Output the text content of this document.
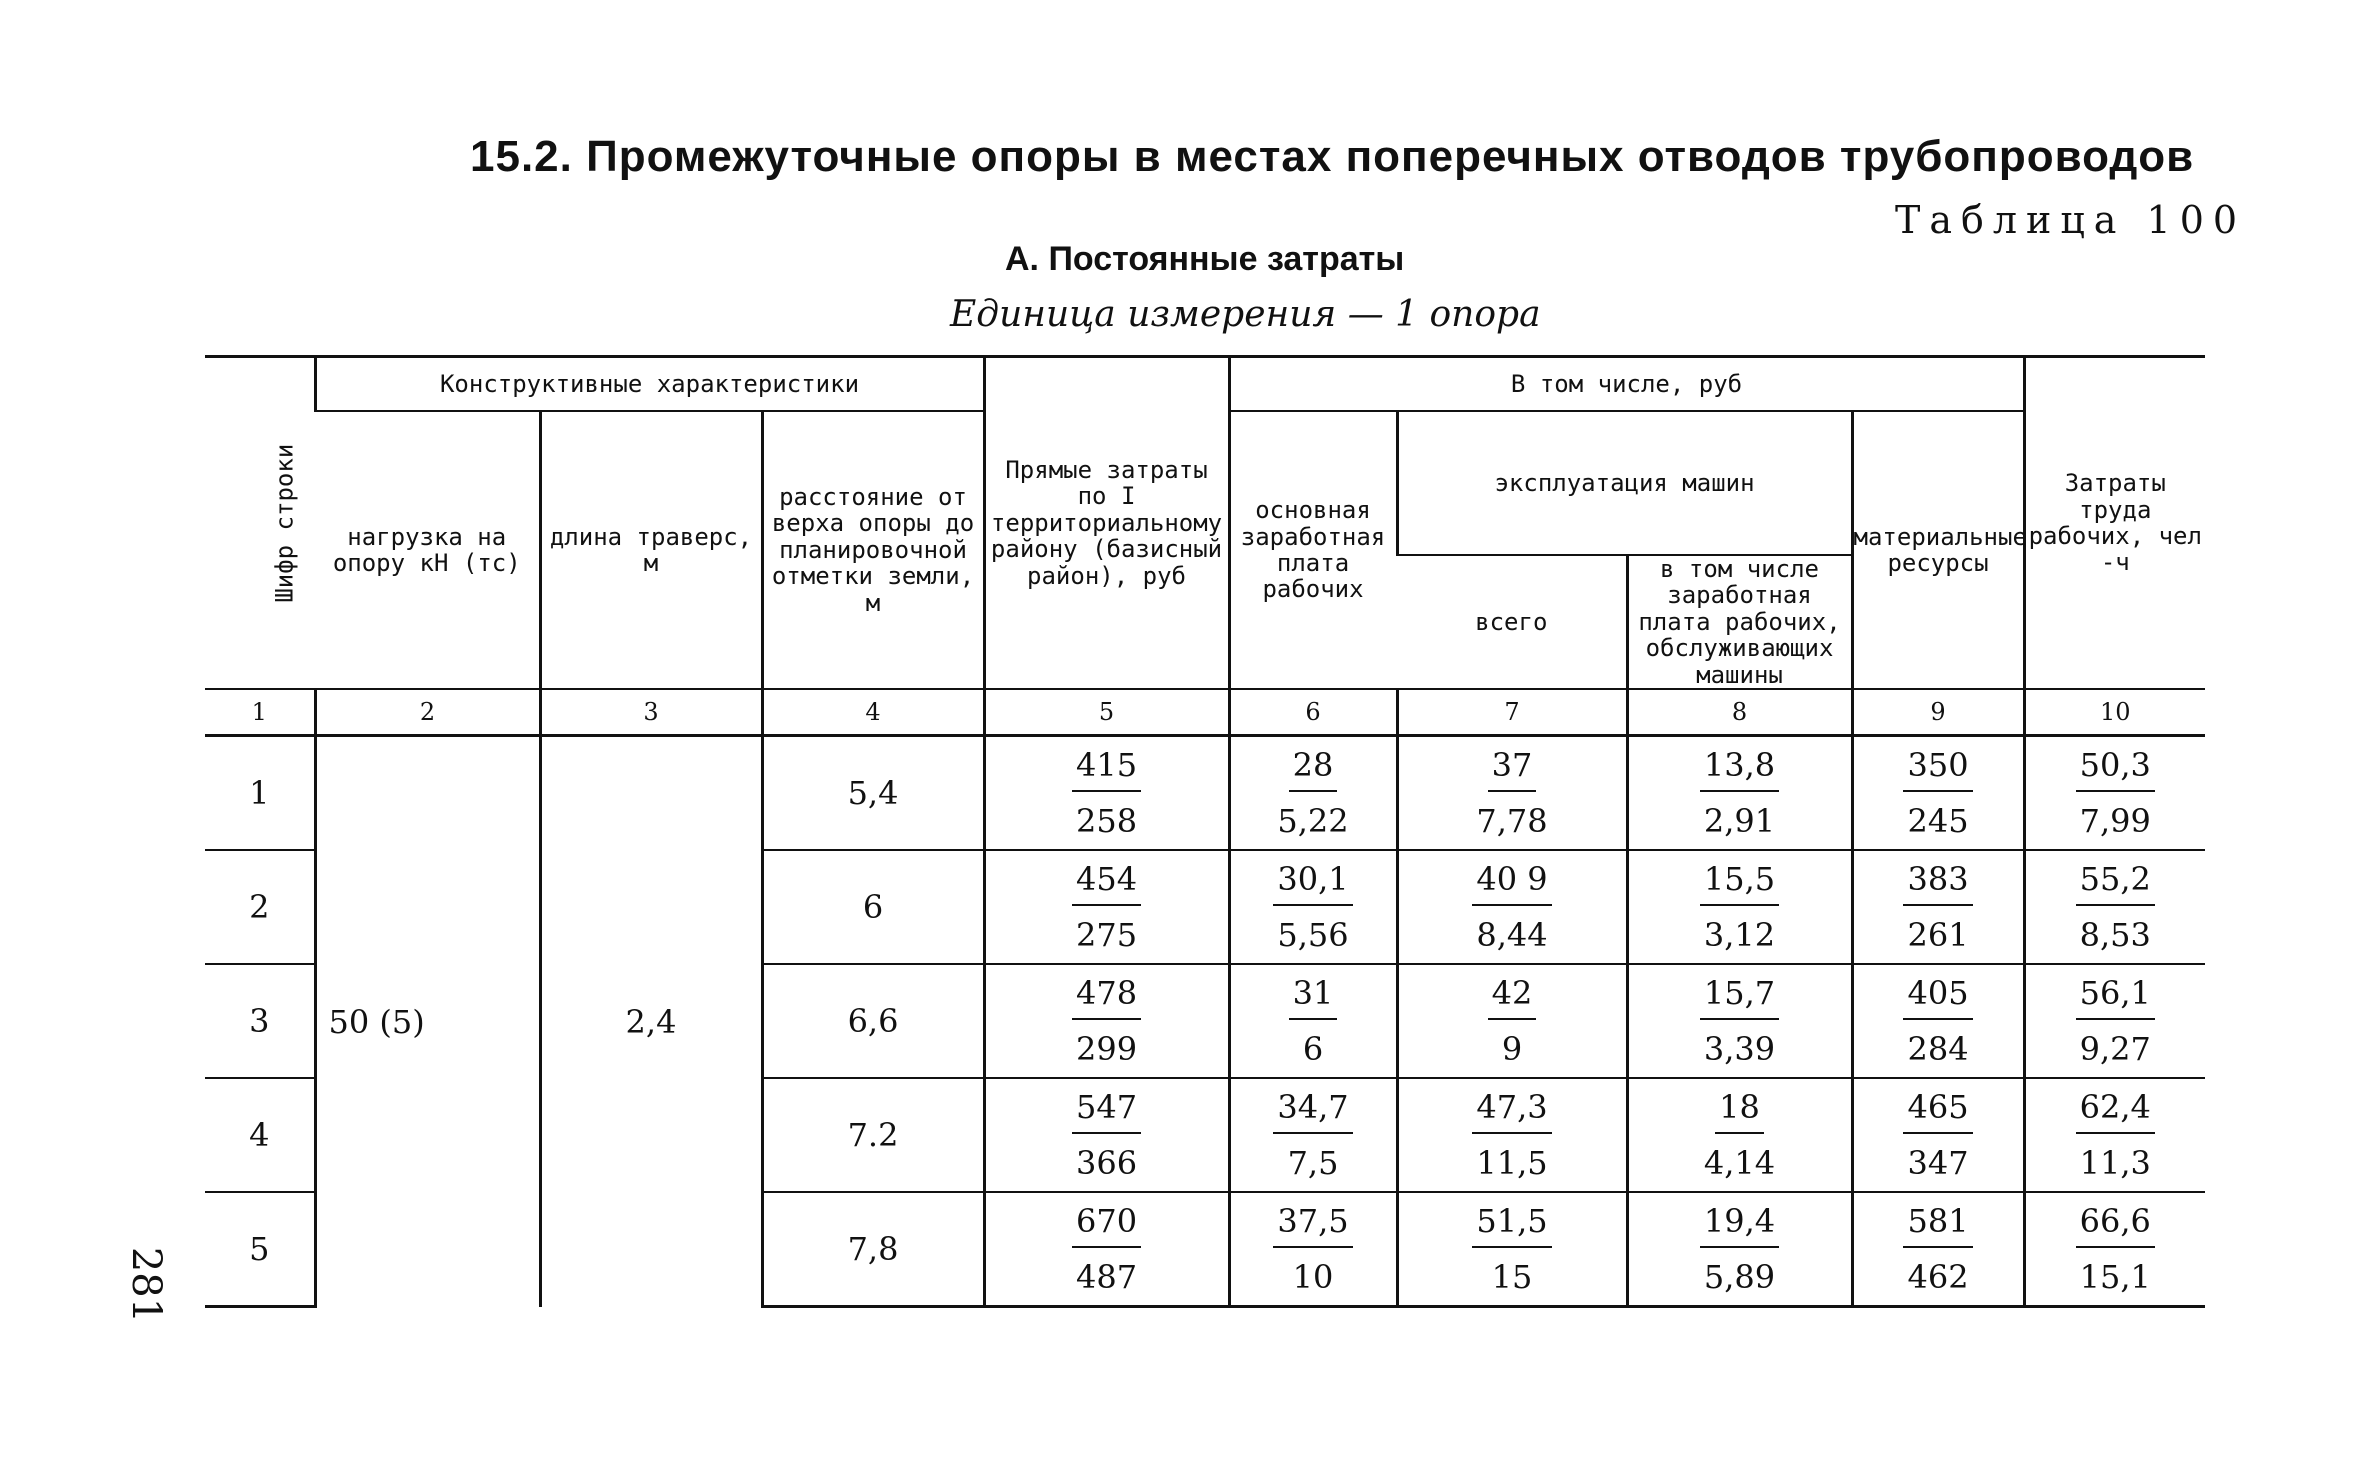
15.2. Промежуточные опоры в местах поперечных отводов трубопроводов
Таблица 100
А. Постоянные затраты
Единица измерения — 1 опора
281
Шифр строки	Конструктивные характеристики			Прямые затраты по I территориальному району (базисный район), руб	В том числе, руб				Затраты труда рабочих, чел -ч
	нагрузка на опору кН (тс)	длина траверс, м	расстояние от верха опоры до планировочной отметки земли, м		основная заработная плата рабочих	эксплуатация машин		материальные ресурсы	
						всего	в том числе заработная плата рабочих, обслуживающих машины		
1	2	3	4	5	6	7	8	9	10
1	50 (5)	2,4	5,4	$\frac{415}{258}$	$\frac{28}{5,22}$	$\frac{37}{7,78}$	$\frac{13,8}{2,91}$	$\frac{350}{245}$	$\frac{50,3}{7,99}$

2			6	$\frac{454}{275}$	$\frac{30,1}{5,56}$	$\frac{40 9}{8,44}$	$\frac{15,5}{3,12}$	$\frac{383}{261}$	$\frac{55,2}{8,53}$

3			6,6	$\frac{478}{299}$	$\frac{31}{6}$	$\frac{42}{9}$	$\frac{15,7}{3,39}$	$\frac{405}{284}$	$\frac{56,1}{9,27}$

4			7.2	$\frac{547}{366}$	$\frac{34,7}{7,5}$	$\frac{47,3}{11,5}$	$\frac{18}{4,14}$	$\frac{465}{347}$	$\frac{62,4}{11,3}$

5			7,8	$\frac{670}{487}$	$\frac{37,5}{10}$	$\frac{51,5}{15}$	$\frac{19,4}{5,89}$	$\frac{581}{462}$	$\frac{66,6}{15,1}$
